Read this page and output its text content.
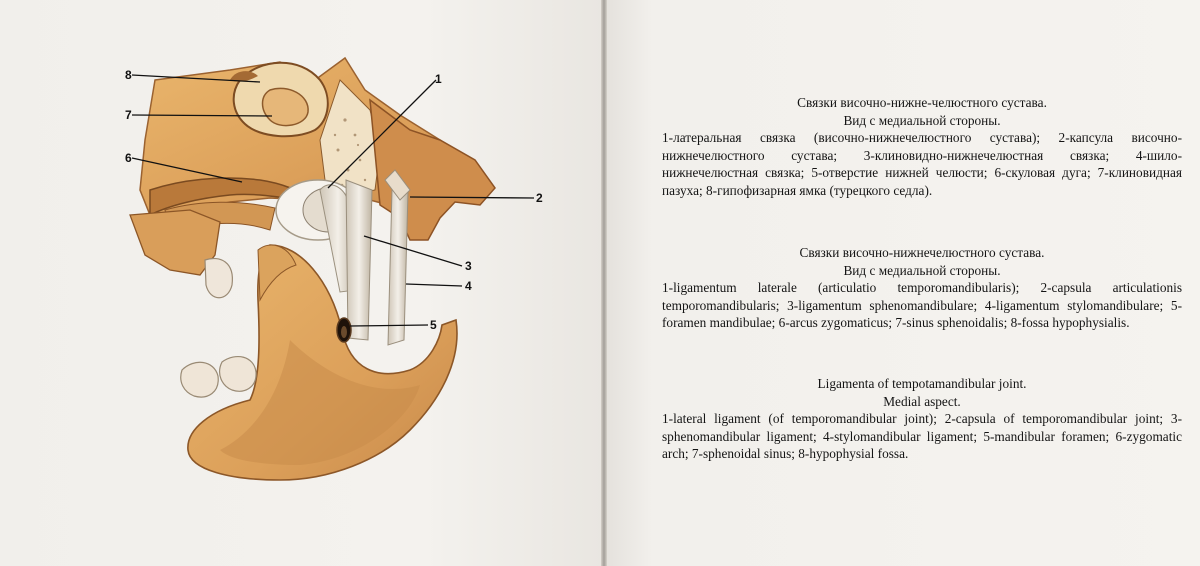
8
7
6
1
2
3
4
5
Связки височно-нижне-челюстного сустава.
Вид с медиальной стороны.
1-латеральная связка (височно-нижнечелюстного сустава); 2-капсула височно-нижнечелюстного сустава; 3-клиновидно-нижнечелюстная связка; 4-шило-нижнечелюстная связка; 5-отверстие нижней челюсти; 6-скуловая дуга; 7-клиновидная пазуха; 8-гипофизарная ямка (турецкого седла).
Связки височно-нижнечелюстного сустава.
Вид с медиальной стороны.
1-ligamentum laterale (articulatio temporomandibularis); 2-capsula articulationis temporomandibularis; 3-ligamentum sphenomandibulare; 4-ligamentum stylomandibulare; 5-foramen mandibulae; 6-arcus zygomaticus; 7-sinus sphenoidalis; 8-fossa hypophysialis.
Ligamenta of tempotamandibular joint.
Medial aspect.
1-lateral ligament (of temporomandibular joint); 2-capsula of temporomandibular joint; 3-sphenomandibular ligament; 4-stylomandibular ligament; 5-mandibular foramen; 6-zygomatic arch; 7-sphenoidal sinus; 8-hypophysial fossa.
